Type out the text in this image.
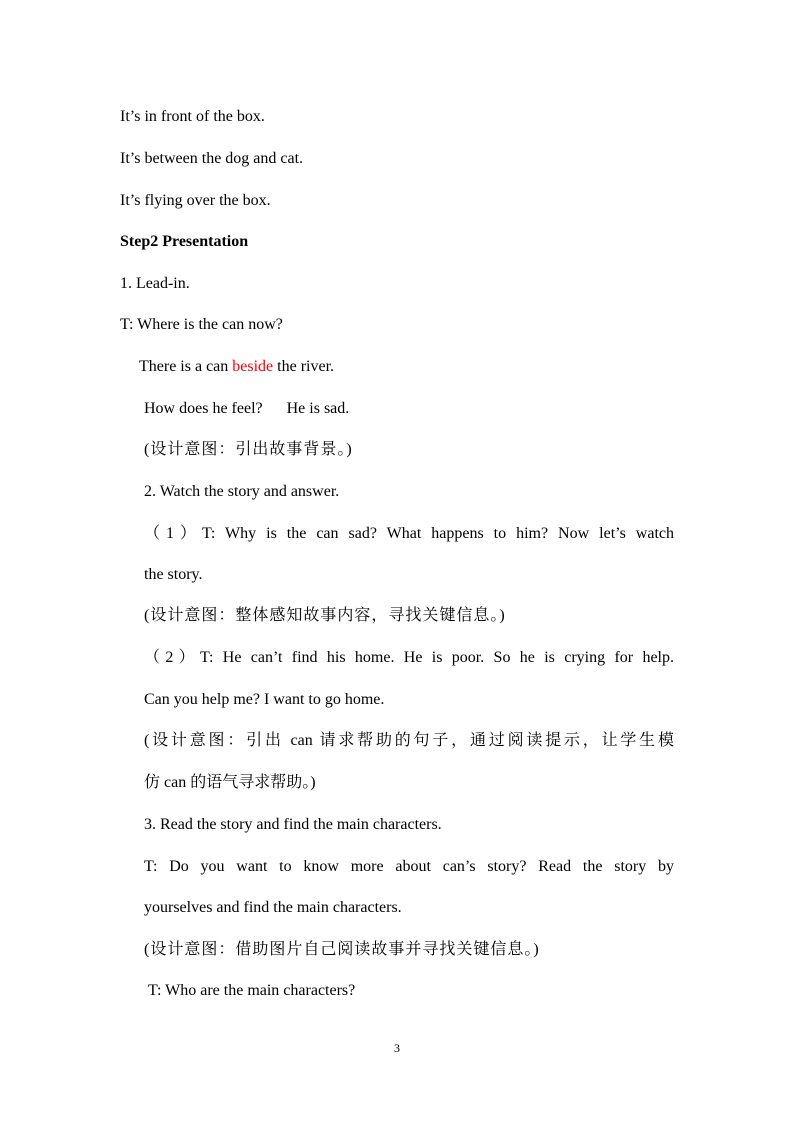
It’s in front of the box.
It’s between the dog and cat.
It’s flying over the box.
Step2 Presentation
1. Lead-in.
T: Where is the can now?
There is a can beside the river.
How does he feel?      He is sad.
(设计意图：引出故事背景。)
2. Watch the story and answer.
（1）T: Why is the can sad? What happens to him? Now let’s watch
the story.
(设计意图：整体感知故事内容，寻找关键信息。)
（2）T: He can’t find his home. He is poor. So he is crying for help.
Can you help me? I want to go home.
(设计意图：引出 can 请求帮助的句子，通过阅读提示，让学生模
仿 can 的语气寻求帮助。)
3. Read the story and find the main characters.
T: Do you want to know more about can’s story? Read the story by
yourselves and find the main characters.
(设计意图：借助图片自己阅读故事并寻找关键信息。)
T: Who are the main characters?
3
